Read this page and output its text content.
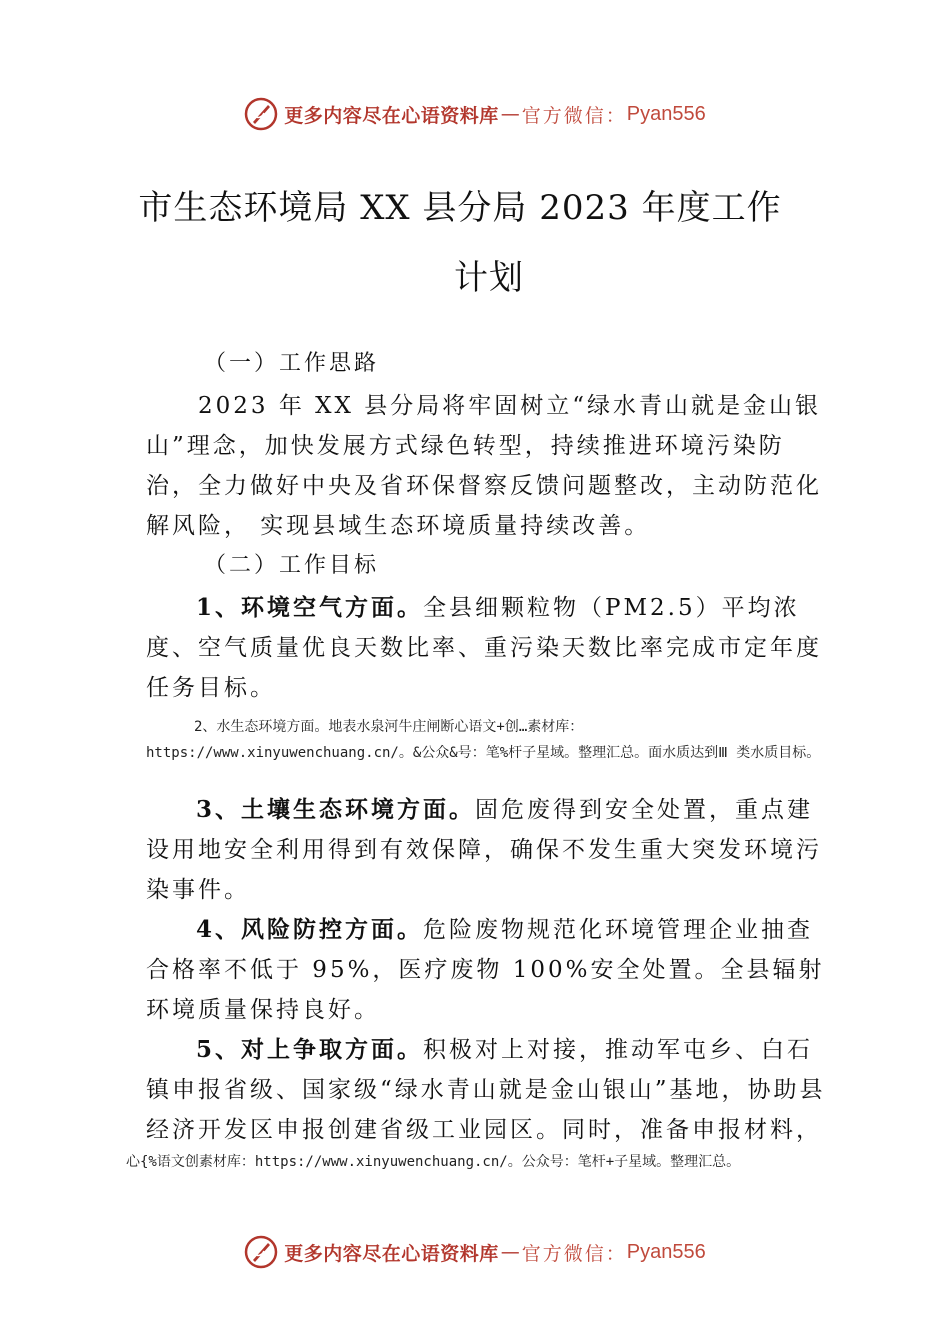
更多内容尽在心语资料库 — 官方微信： Pyan556
市生态环境局 XX 县分局 2023 年度工作
计划
（一）工作思路
2023 年 XX 县分局将牢固树立“绿水青山就是金山银山”理念，加快发展方式绿色转型，持续推进环境污染防治，全力做好中央及省环保督察反馈问题整改，主动防范化解风险， 实现县域生态环境质量持续改善。
（二）工作目标
1、环境空气方面。全县细颗粒物（PM2.5）平均浓度、空气质量优良天数比率、重污染天数比率完成市定年度任务目标。
2、水生态环境方面。地表水泉河牛庄闸断心语文+创…素材库：https://www.xinyuwenchuang.cn/。&公众&号：笔%杆子星域。整理汇总。面水质达到Ⅲ 类水质目标。
3、土壤生态环境方面。固危废得到安全处置，重点建设用地安全利用得到有效保障，确保不发生重大突发环境污染事件。
4、风险防控方面。危险废物规范化环境管理企业抽查合格率不低于 95%，医疗废物 100%安全处置。全县辐射环境质量保持良好。
5、对上争取方面。积极对上对接，推动军屯乡、白石镇申报省级、国家级“绿水青山就是金山银山”基地，协助县经济开发区申报创建省级工业园区。同时，准备申报材料，
心{%语文创素材库：https://www.xinyuwenchuang.cn/。公众号：笔杆+子星域。整理汇总。
更多内容尽在心语资料库 — 官方微信： Pyan556
